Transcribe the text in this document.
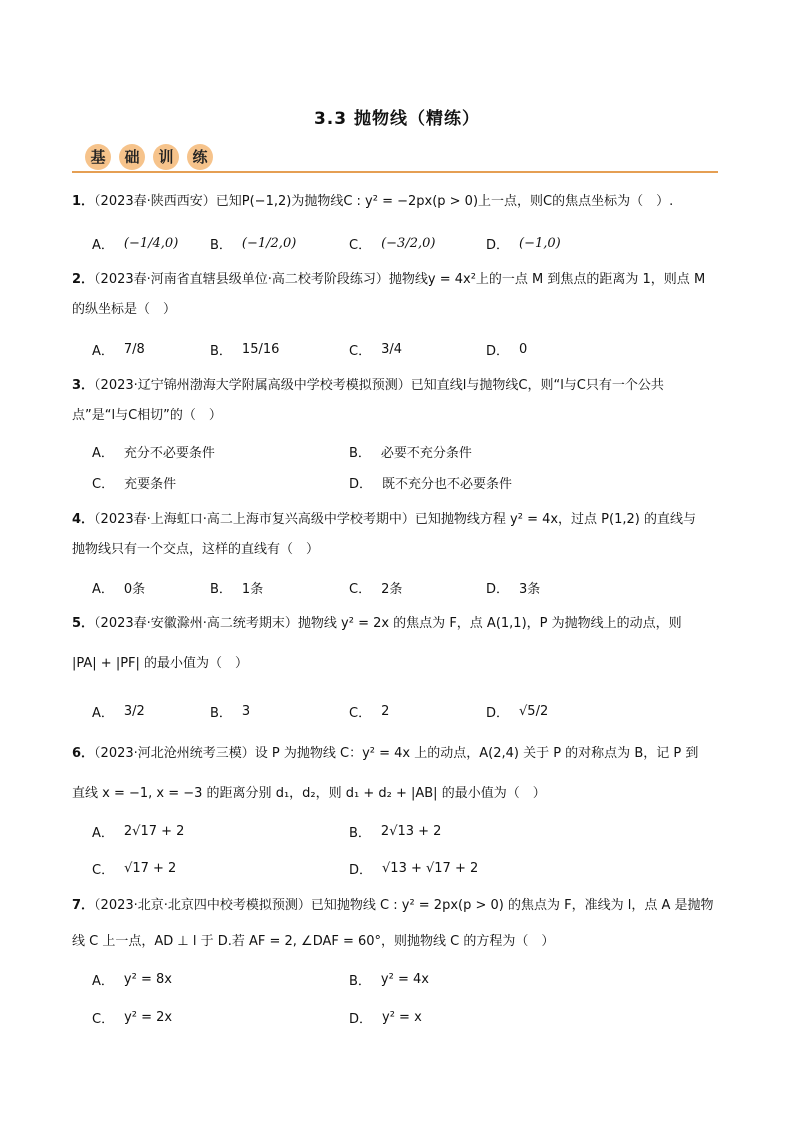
3.3 抛物线（精练）
基	础	训	练
1．（2023春·陕西西安）已知P(−1,2)为抛物线C : y² = −2px(p > 0)上一点，则C的焦点坐标为（　）.
A． (−1/4,0) B． (−1/2,0)	C． (−3/2,0)	D． (−1,0)
2．（2023春·河南省直辖县级单位·高二校考阶段练习）抛物线y = 4x²上的一点 M 到焦点的距离为 1，则点 M
的纵坐标是（　）
A． 7/8	B． 15/16	C． 3/4	D． 0
3．（2023·辽宁锦州渤海大学附属高级中学校考模拟预测）已知直线l与抛物线C，则“l与C只有一个公共
点”是“l与C相切”的（　）
A． 充分不必要条件	B． 必要不充分条件
C． 充要条件	D． 既不充分也不必要条件
4．（2023春·上海虹口·高二上海市复兴高级中学校考期中）已知抛物线方程 y² = 4x，过点 P(1,2) 的直线与
抛物线只有一个交点，这样的直线有（　）
A． 0条	B． 1条	C． 2条	D． 3条
5．（2023春·安徽滁州·高二统考期末）抛物线 y² = 2x 的焦点为 F，点 A(1,1)，P 为抛物线上的动点，则
|PA| + |PF| 的最小值为（　）
A． 3/2	B． 3	C． 2	D． √5/2
6．（2023·河北沧州统考三模）设 P 为抛物线 C：y² = 4x 上的动点，A(2,4) 关于 P 的对称点为 B，记 P 到
直线 x = −1, x = −3 的距离分别 d₁，d₂，则 d₁ + d₂ + |AB| 的最小值为（　）
A． 2√17 + 2	B． 2√13 + 2
C． √17 + 2	D． √13 + √17 + 2
7．（2023·北京·北京四中校考模拟预测）已知抛物线 C : y² = 2px(p > 0) 的焦点为 F，准线为 l，点 A 是抛物
线 C 上一点，AD ⊥ l 于 D.若 AF = 2, ∠DAF = 60°，则抛物线 C 的方程为（　）
A． y² = 8x	B． y² = 4x
C． y² = 2x	D． y² = x
